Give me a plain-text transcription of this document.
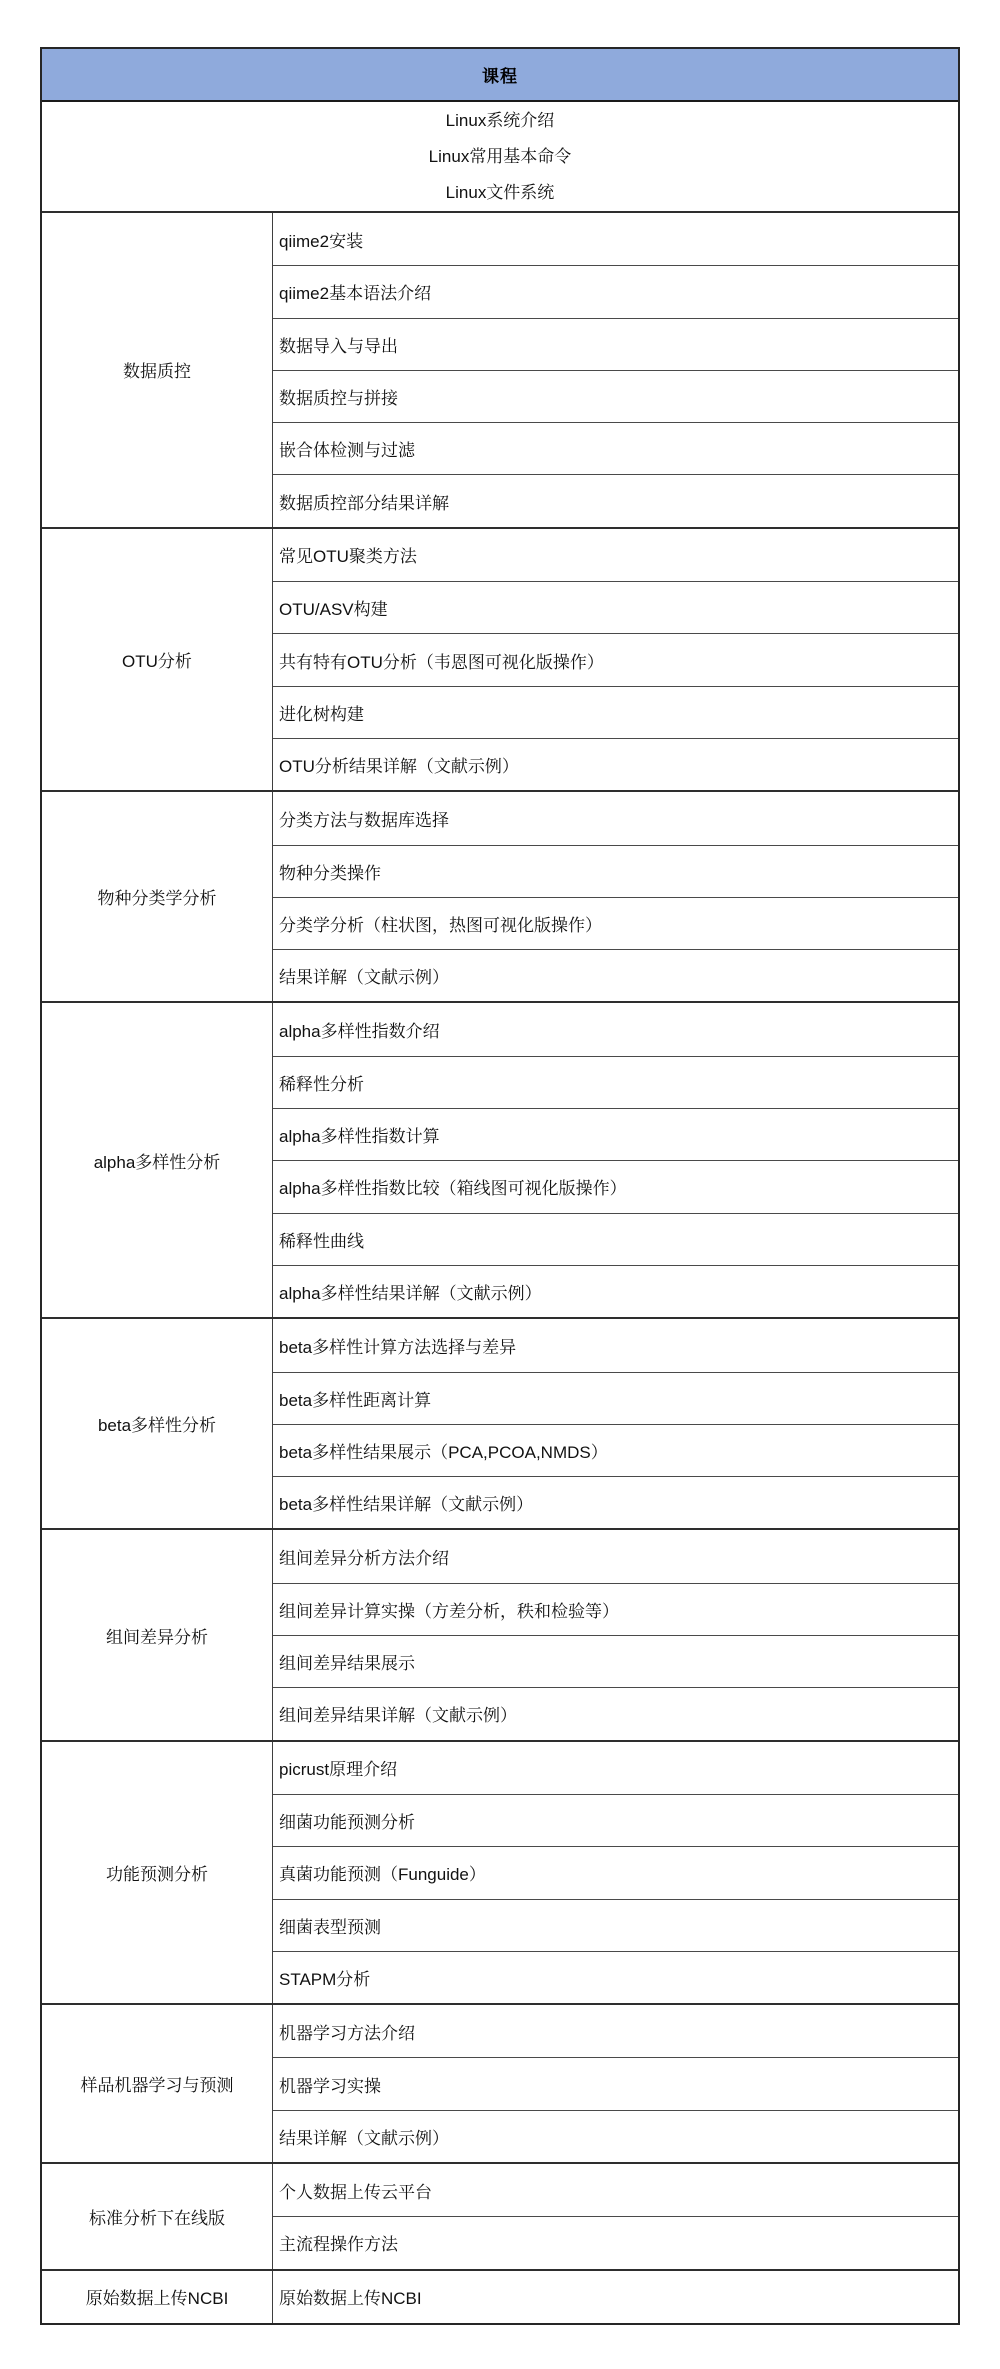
课程
Linux系统介绍
Linux常用基本命令
Linux文件系统
数据质控
qiime2安装
qiime2基本语法介绍
数据导入与导出
数据质控与拼接
嵌合体检测与过滤
数据质控部分结果详解
OTU分析
常见OTU聚类方法
OTU/ASV构建
共有特有OTU分析（韦恩图可视化版操作）
进化树构建
OTU分析结果详解（文献示例）
物种分类学分析
分类方法与数据库选择
物种分类操作
分类学分析（柱状图，热图可视化版操作）
结果详解（文献示例）
alpha多样性分析
alpha多样性指数介绍
稀释性分析
alpha多样性指数计算
alpha多样性指数比较（箱线图可视化版操作）
稀释性曲线
alpha多样性结果详解（文献示例）
beta多样性分析
beta多样性计算方法选择与差异
beta多样性距离计算
beta多样性结果展示（PCA,PCOA,NMDS）
beta多样性结果详解（文献示例）
组间差异分析
组间差异分析方法介绍
组间差异计算实操（方差分析，秩和检验等）
组间差异结果展示
组间差异结果详解（文献示例）
功能预测分析
picrust原理介绍
细菌功能预测分析
真菌功能预测（Funguide）
细菌表型预测
STAPM分析
样品机器学习与预测
机器学习方法介绍
机器学习实操
结果详解（文献示例）
标准分析下在线版
个人数据上传云平台
主流程操作方法
原始数据上传NCBI	原始数据上传NCBI
